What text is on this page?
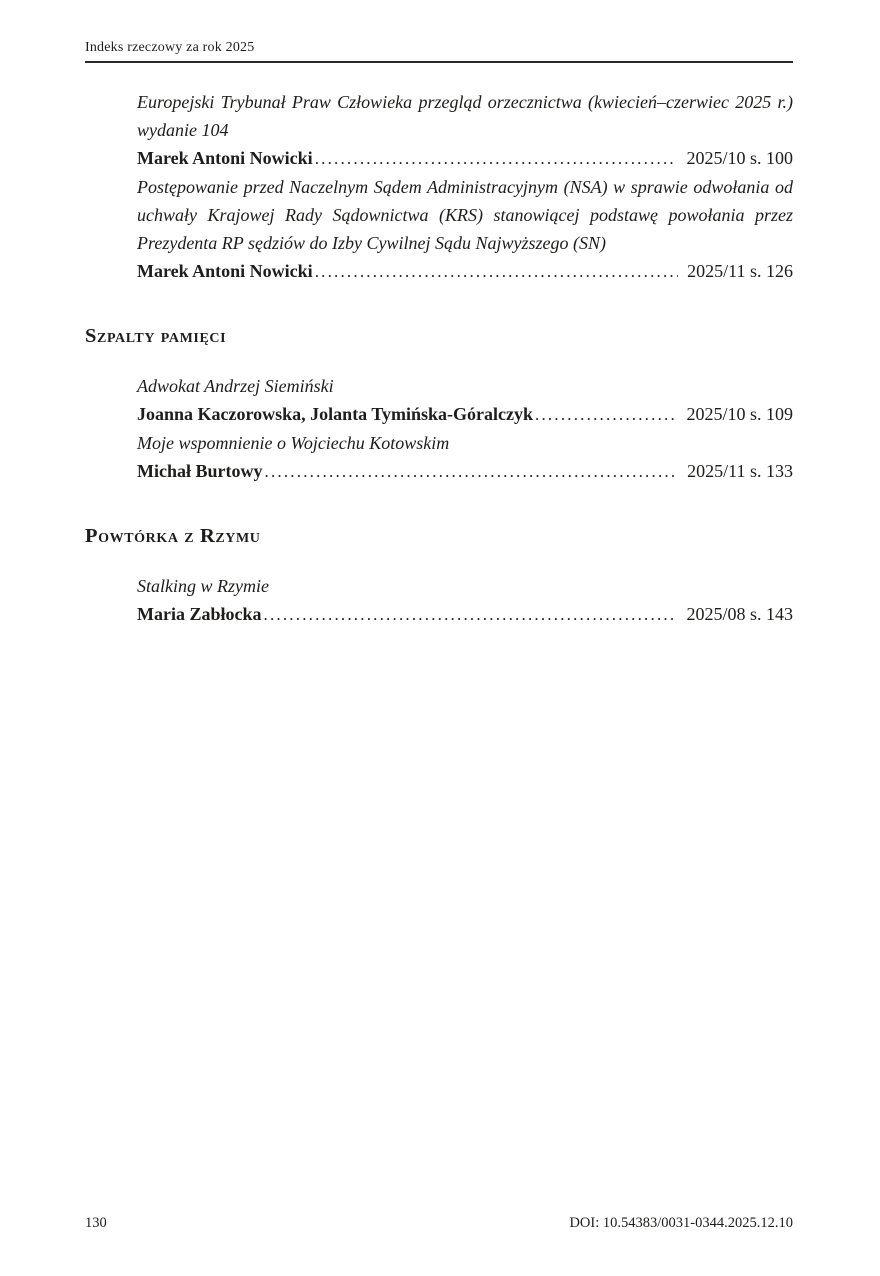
Indeks rzeczowy za rok 2025
Europejski Trybunał Praw Człowieka przegląd orzecznictwa (kwiecień–czerwiec 2025 r.) wydanie 104
Marek Antoni Nowicki .....	2025/10 s. 100
Postępowanie przed Naczelnym Sądem Administracyjnym (NSA) w sprawie odwołania od uchwały Krajowej Rady Sądownictwa (KRS) stanowiącej podstawę powołania przez Prezydenta RP sędziów do Izby Cywilnej Sądu Najwyższego (SN)
Marek Antoni Nowicki .....	2025/11 s. 126
Szpalty pamięci
Adwokat Andrzej Siemiński
Joanna Kaczorowska, Jolanta Tymińska-Góralczyk .....	2025/10 s. 109
Moje wspomnienie o Wojciechu Kotowskim
Michał Burtowy .....	2025/11 s. 133
Powtórka z Rzymu
Stalking w Rzymie
Maria Zabłocka .....	2025/08 s. 143
130	DOI: 10.54383/0031-0344.2025.12.10
